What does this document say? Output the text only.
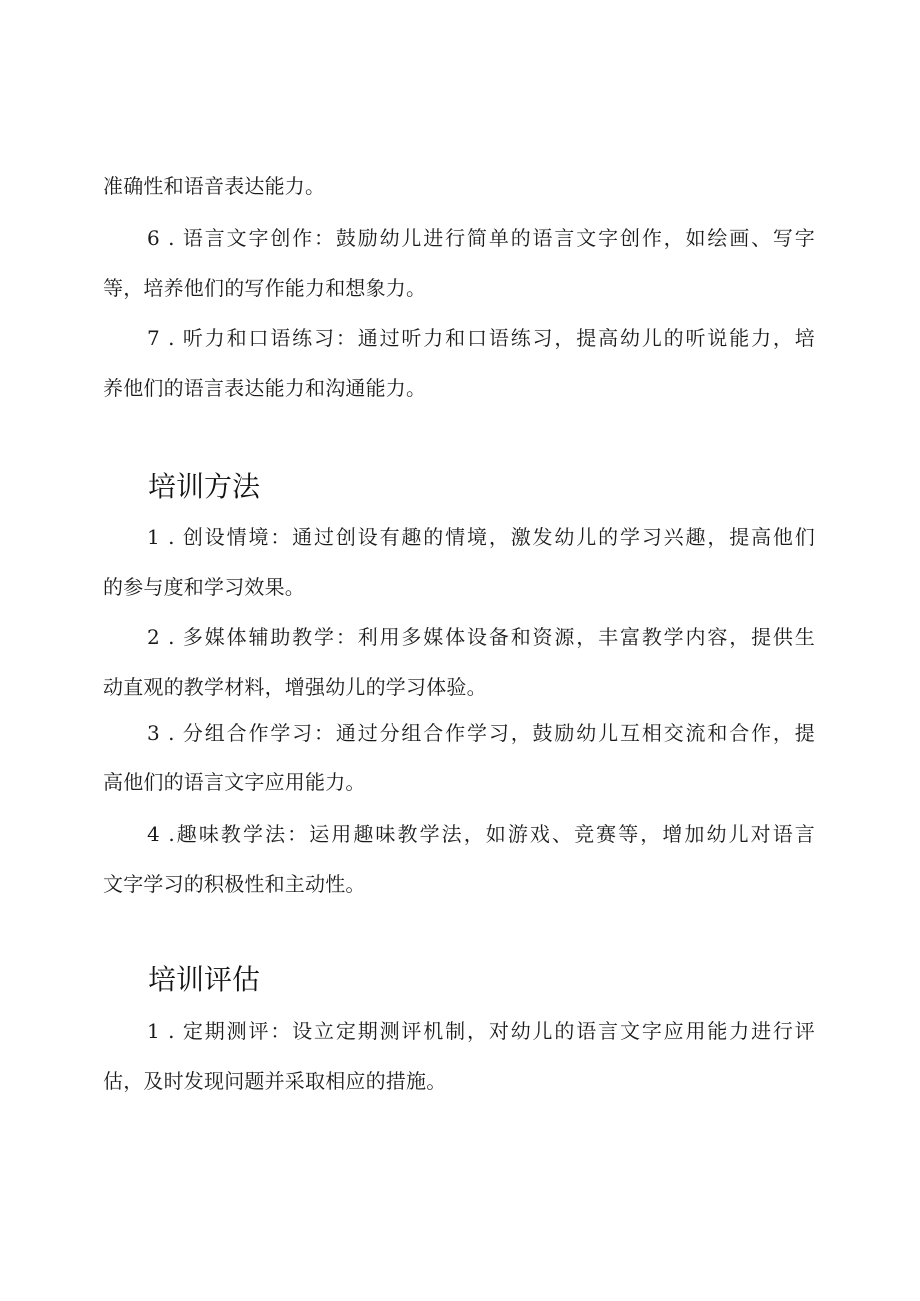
准确性和语音表达能力。
6 . 语言文字创作：鼓励幼儿进行简单的语言文字创作，如绘画、写字
等，培养他们的写作能力和想象力。
7 . 听力和口语练习：通过听力和口语练习，提高幼儿的听说能力，培
养他们的语言表达能力和沟通能力。
培训方法
1 . 创设情境：通过创设有趣的情境，激发幼儿的学习兴趣，提高他们
的参与度和学习效果。
2 . 多媒体辅助教学：利用多媒体设备和资源，丰富教学内容，提供生
动直观的教学材料，增强幼儿的学习体验。
3 . 分组合作学习：通过分组合作学习，鼓励幼儿互相交流和合作，提
高他们的语言文字应用能力。
4 .趣味教学法：运用趣味教学法，如游戏、竞赛等，增加幼儿对语言
文字学习的积极性和主动性。
培训评估
1 . 定期测评：设立定期测评机制，对幼儿的语言文字应用能力进行评
估，及时发现问题并采取相应的措施。
